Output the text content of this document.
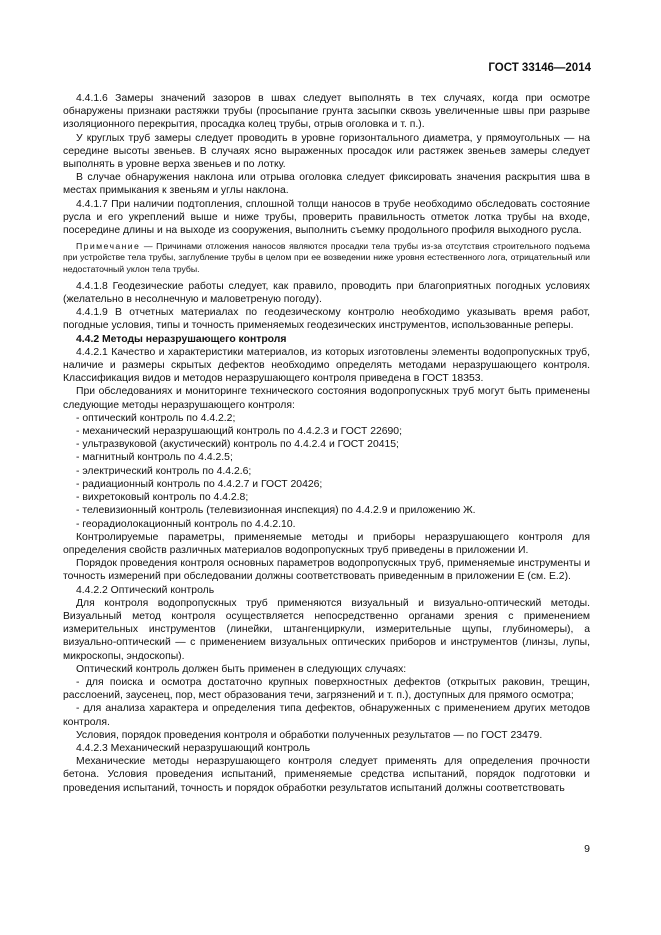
ГОСТ 33146—2014

4.4.1.6 Замеры значений зазоров в швах следует выполнять в тех случаях, когда при осмотре обнаружены признаки растяжки трубы (просыпание грунта засыпки сквозь увеличенные швы при разрыве изоляционного перекрытия, просадка колец трубы, отрыв оголовка и т. п.).

У круглых труб замеры следует проводить в уровне горизонтального диаметра, у прямоугольных — на середине высоты звеньев. В случаях ясно выраженных просадок или растяжек звеньев замеры следует выполнять в уровне верха звеньев и по лотку.

В случае обнаружения наклона или отрыва оголовка следует фиксировать значения раскрытия шва в местах примыкания к звеньям и углы наклона.

4.4.1.7 При наличии подтопления, сплошной толщи наносов в трубе необходимо обследовать состояние русла и его укреплений выше и ниже трубы, проверить правильность отметок лотка трубы на входе, посередине длины и на выходе из сооружения, выполнить съемку продольного профиля выходного русла.

Примечание — Причинами отложения наносов являются просадки тела трубы из-за отсутствия строительного подъема при устройстве тела трубы, заглубление трубы в целом при ее возведении ниже уровня естественного лога, отрицательный или недостаточный уклон тела трубы.

4.4.1.8 Геодезические работы следует, как правило, проводить при благоприятных погодных условиях (желательно в несолнечную и маловетреную погоду).

4.4.1.9 В отчетных материалах по геодезическому контролю необходимо указывать время работ, погодные условия, типы и точность применяемых геодезических инструментов, использованные реперы.

4.4.2 Методы неразрушающего контроля

4.4.2.1 Качество и характеристики материалов, из которых изготовлены элементы водопропускных труб, наличие и размеры скрытых дефектов необходимо определять методами неразрушающего контроля. Классификация видов и методов неразрушающего контроля приведена в ГОСТ 18353.

При обследованиях и мониторинге технического состояния водопропускных труб могут быть применены следующие методы неразрушающего контроля:

- оптический контроль по 4.4.2.2;
- механический неразрушающий контроль по 4.4.2.3 и ГОСТ 22690;
- ультразвуковой (акустический) контроль по 4.4.2.4 и ГОСТ 20415;
- магнитный контроль по 4.4.2.5;
- электрический контроль по 4.4.2.6;
- радиационный контроль по 4.4.2.7 и ГОСТ 20426;
- вихретоковый контроль по 4.4.2.8;
- телевизионный контроль (телевизионная инспекция) по 4.4.2.9 и приложению Ж.
- георадиолокационный контроль по 4.4.2.10.

Контролируемые параметры, применяемые методы и приборы неразрушающего контроля для определения свойств различных материалов водопропускных труб приведены в приложении И.

Порядок проведения контроля основных параметров водопропускных труб, применяемые инструменты и точность измерений при обследовании должны соответствовать приведенным в приложении Е (см. Е.2).

4.4.2.2 Оптический контроль

Для контроля водопропускных труб применяются визуальный и визуально-оптический методы. Визуальный метод контроля осуществляется непосредственно органами зрения с применением измерительных инструментов (линейки, штангенциркули, измерительные щупы, глубиномеры), а визуально-оптический — с применением визуальных оптических приборов и инструментов (линзы, лупы, микроскопы, эндоскопы).

Оптический контроль должен быть применен в следующих случаях:

- для поиска и осмотра достаточно крупных поверхностных дефектов (открытых раковин, трещин, расслоений, заусенец, пор, мест образования течи, загрязнений и т. п.), доступных для прямого осмотра;

- для анализа характера и определения типа дефектов, обнаруженных с применением других методов контроля.

Условия, порядок проведения контроля и обработки полученных результатов — по ГОСТ 23479.

4.4.2.3 Механический неразрушающий контроль

Механические методы неразрушающего контроля следует применять для определения прочности бетона. Условия проведения испытаний, применяемые средства испытаний, порядок подготовки и проведения испытаний, точность и порядок обработки результатов испытаний должны соответствовать

9
